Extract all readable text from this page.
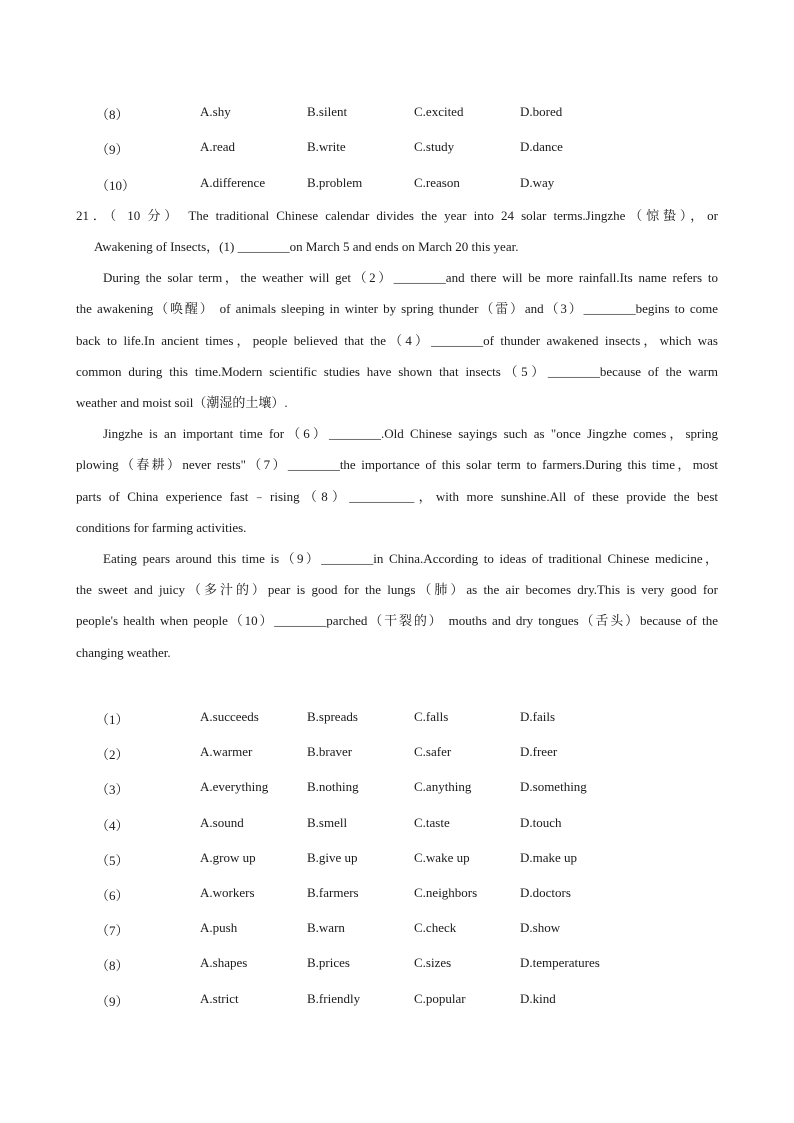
（8）	A.shy	B.silent	C.excited	D.bored
（9）	A.read	B.write	C.study	D.dance
（10）	A.difference	B.problem	C.reason	D.way
21．（ 10 分） The traditional Chinese calendar divides the year into 24 solar terms.Jingzhe（惊蛰），or
Awakening of Insects，(1) ________on March 5 and ends on March 20 this year.
During the solar term，the weather will get（2）________and there will be more rainfall.Its name refers to
the awakening（唤醒） of animals sleeping in winter by spring thunder（雷）and（3）________begins to come
back to life.In ancient times，people believed that the（4）________of thunder awakened insects，which was
common during this time.Modern scientific studies have shown that insects（5）________because of the warm
weather and moist soil（潮湿的土壤）.
Jingzhe is an important time for（6）________.Old Chinese sayings such as "once Jingzhe comes，spring
plowing（春耕）never rests"（7）________the importance of this solar term to farmers.During this time，most
parts of China experience fast﹣rising（8）__________，with more sunshine.All of these provide the best
conditions for farming activities.
Eating pears around this time is（9）________in China.According to ideas of traditional Chinese medicine，
the sweet and juicy（多汁的）pear is good for the lungs（肺）as the air becomes dry.This is very good for
people's health when people（10）________parched（干裂的） mouths and dry tongues（舌头）because of the
changing weather.
（1）	A.succeeds	B.spreads	C.falls	D.fails
（2）	A.warmer	B.braver	C.safer	D.freer
（3）	A.everything	B.nothing	C.anything	D.something
（4）	A.sound	B.smell	C.taste	D.touch
（5）	A.grow up	B.give up	C.wake up	D.make up
（6）	A.workers	B.farmers	C.neighbors	D.doctors
（7）	A.push	B.warn	C.check	D.show
（8）	A.shapes	B.prices	C.sizes	D.temperatures
（9）	A.strict	B.friendly	C.popular	D.kind
